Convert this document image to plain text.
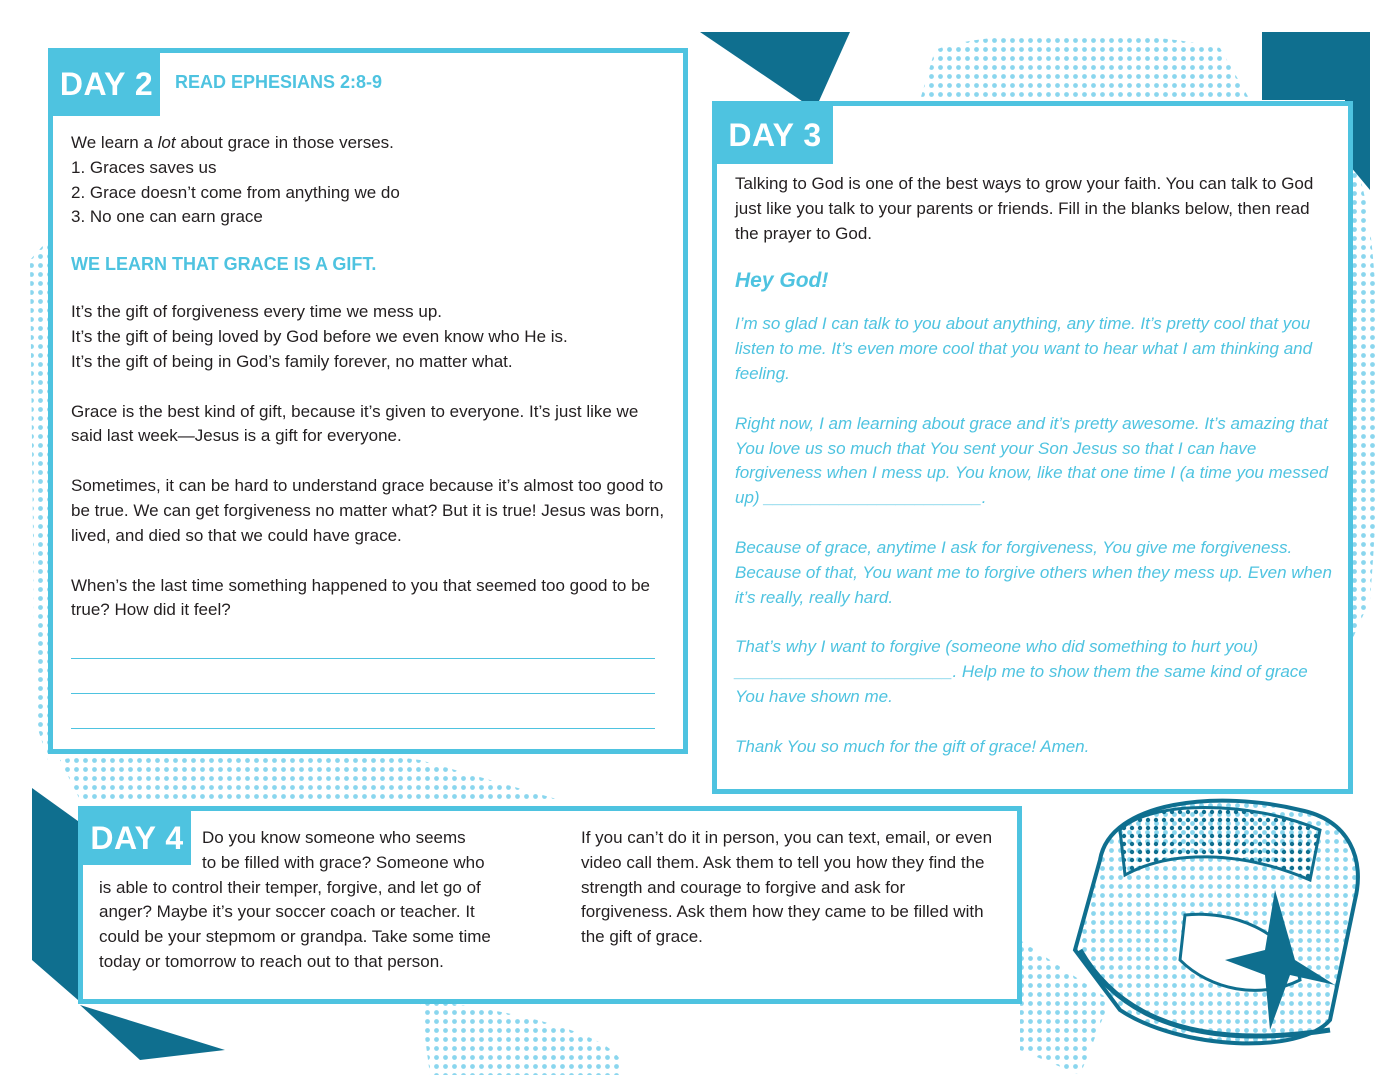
DAY 2	READ EPHESIANS 2:8-9

We learn a lot about grace in those verses.

1. Graces saves us

2. Grace doesn’t come from anything we do

3. No one can earn grace

WE LEARN THAT GRACE IS A GIFT.

It’s the gift of forgiveness every time we mess up.

It’s the gift of being loved by God before we even know who He is.

It’s the gift of being in God’s family forever, no matter what.

Grace is the best kind of gift, because it’s given to everyone. It’s just like we said last week—Jesus is a gift for everyone.

Sometimes, it can be hard to understand grace because it’s almost too good to be true. We can get forgiveness no matter what? But it is true! Jesus was born, lived, and died so that we could have grace.

When’s the last time something happened to you that seemed too good to be true? How did it feel?

DAY 3

Talking to God is one of the best ways to grow your faith. You can talk to God just like you talk to your parents or friends. Fill in the blanks below, then read the prayer to God.

Hey God!

I’m so glad I can talk to you about anything, any time. It’s pretty cool that you listen to me. It’s even more cool that you want to hear what I am thinking and feeling.

Right now, I am learning about grace and it’s pretty awesome. It’s amazing that You love us so much that You sent your Son Jesus so that I can have forgiveness when I mess up. You know, like that one time I (a time you messed up) _______________________.

Because of grace, anytime I ask for forgiveness, You give me forgiveness. Because of that, You want me to forgive others when they mess up. Even when it’s really, really hard.

That’s why I want to forgive (someone who did something to hurt you) _______________________. Help me to show them the same kind of grace You have shown me.

Thank You so much for the gift of grace! Amen.

DAY 4	Do you know someone who seems

to be filled with grace? Someone who

is able to control their temper, forgive, and let go of

anger? Maybe it’s your soccer coach or teacher. It

could be your stepmom or grandpa. Take some time

today or tomorrow to reach out to that person.

If you can’t do it in person, you can text, email, or even video call them. Ask them to tell you how they find the strength and courage to forgive and ask for forgiveness. Ask them how they came to be filled with the gift of grace.
